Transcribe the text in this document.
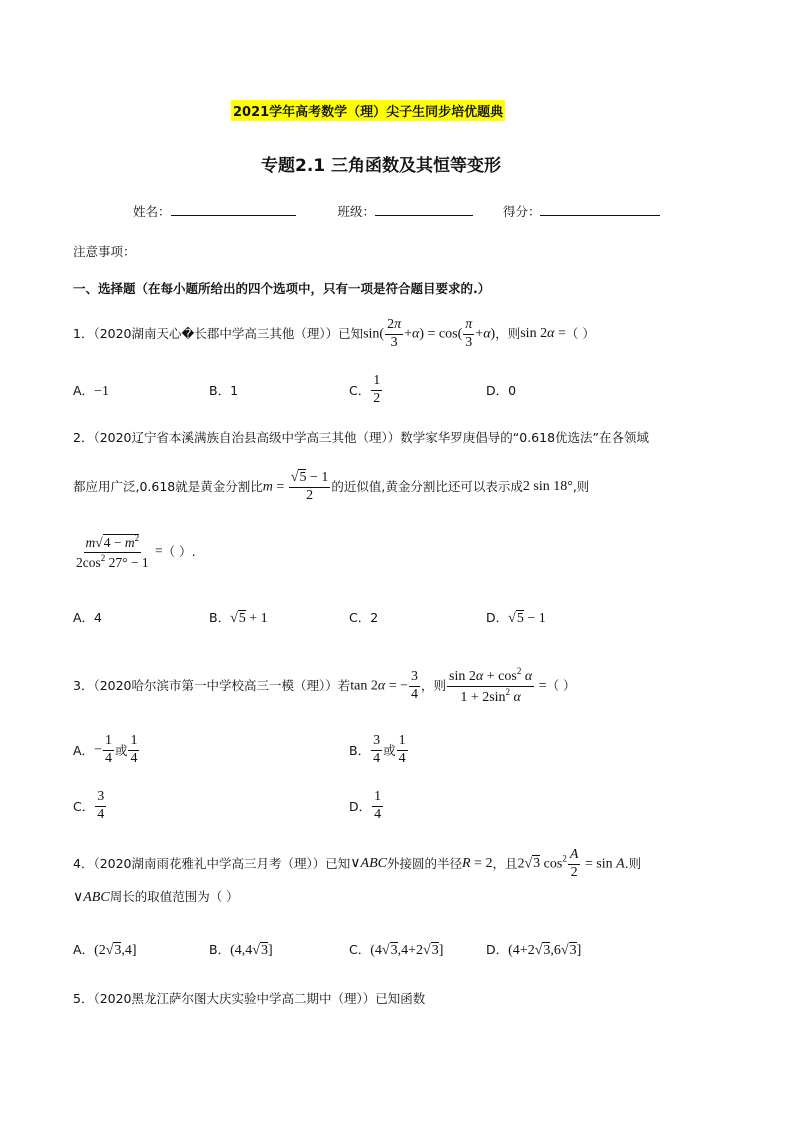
2021学年高考数学（理）尖子生同步培优题典
专题2.1 三角函数及其恒等变形
姓名：	班级：	得分：
注意事项：
一、选择题（在每小题所给出的四个选项中，只有一项是符合题目要求的.）
1．（2020湖南天心�长郡中学高三其他（理））已知 $\sin( \frac{2\pi}{3} +\alpha) = \cos( \frac{\pi}{3} +\alpha)$ ，则 sin 2α = （ ）
A．−1	B．1	C． $\frac{1}{2}$	D．0
2．（2020辽宁省本溪满族自治县高级中学高三其他（理））数学家华罗庚倡导的“0.618优选法”在各领域
都应用广泛,0.618就是黄金分割比 $m = \frac{√5 - 1}{2}$ 的近似值,黄金分割比还可以表示成 2 sin 18° ,则
$\frac{m√4 - m^2}{2\cos^2 27^\circ - 1}$ = （ ）.
A．4	B．√5 + 1	C．2	D．√5 − 1
3．（2020哈尔滨市第一中学校高三一模（理））若 tan 2α = − $\frac{3}{4}$ ，则 $\frac{\sin 2\alpha + \cos^2 \alpha}{1 + 2\sin^2 \alpha}$ = （ ）
A． − $\frac{1}{4}$ 或 $\frac{1}{4}$	B． $\frac{3}{4}$ 或 $\frac{1}{4}$
C． $\frac{3}{4}$	D． $\frac{1}{4}$
4．（2020湖南雨花雅礼中学高三月考（理））已知 ∨ABC 外接圆的半径 R = 2 ，且 2√3 $\cos^2 \frac{A}{2} = \sin A$ .则
∨ABC周长的取值范围为（ ）
A．(2√3,4]	B．(4,4√3]	C．(4√3,4+2√3]	D．(4+2√3,6√3]
5．（2020黑龙江萨尔图大庆实验中学高二期中（理））已知函数
